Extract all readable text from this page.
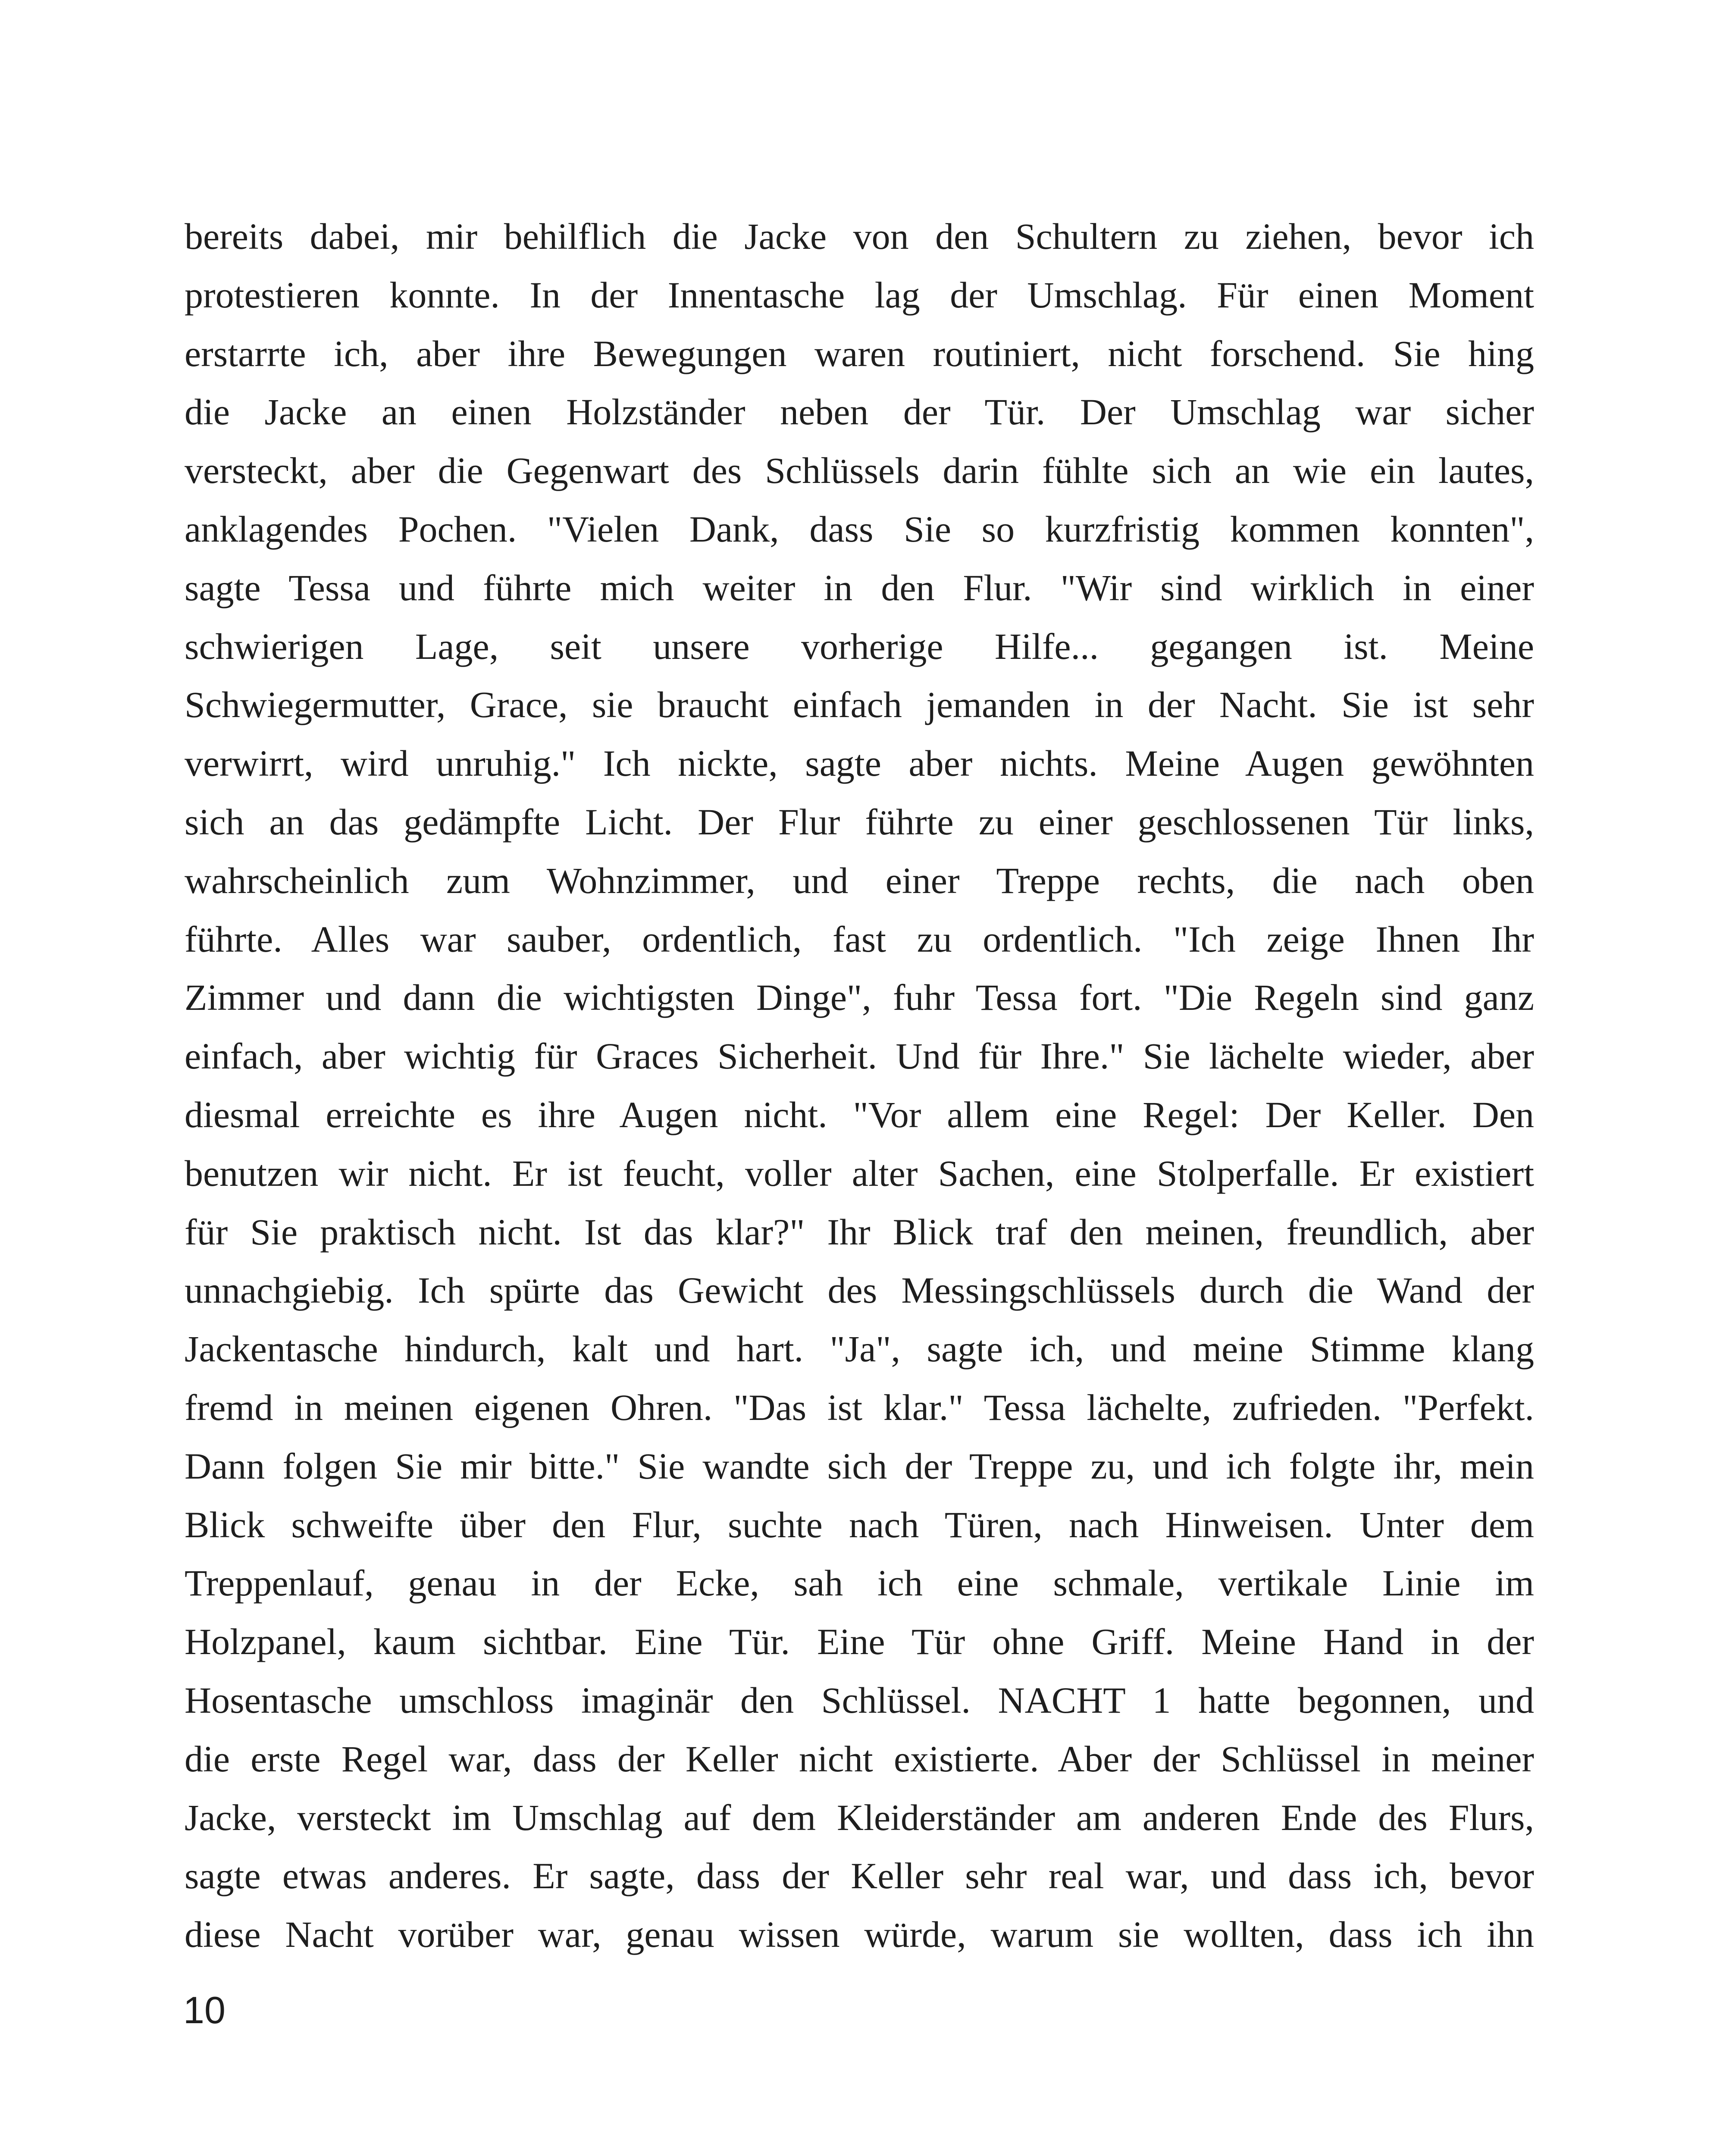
bereits dabei, mir behilflich die Jacke von den Schultern zu ziehen, bevor ich
protestieren konnte. In der Innentasche lag der Umschlag. Für einen Moment
erstarrte ich, aber ihre Bewegungen waren routiniert, nicht forschend. Sie hing
die Jacke an einen Holzständer neben der Tür. Der Umschlag war sicher
versteckt, aber die Gegenwart des Schlüssels darin fühlte sich an wie ein lautes,
anklagendes Pochen. "Vielen Dank, dass Sie so kurzfristig kommen konnten",
sagte Tessa und führte mich weiter in den Flur. "Wir sind wirklich in einer
schwierigen Lage, seit unsere vorherige Hilfe... gegangen ist. Meine
Schwiegermutter, Grace, sie braucht einfach jemanden in der Nacht. Sie ist sehr
verwirrt, wird unruhig." Ich nickte, sagte aber nichts. Meine Augen gewöhnten
sich an das gedämpfte Licht. Der Flur führte zu einer geschlossenen Tür links,
wahrscheinlich zum Wohnzimmer, und einer Treppe rechts, die nach oben
führte. Alles war sauber, ordentlich, fast zu ordentlich. "Ich zeige Ihnen Ihr
Zimmer und dann die wichtigsten Dinge", fuhr Tessa fort. "Die Regeln sind ganz
einfach, aber wichtig für Graces Sicherheit. Und für Ihre." Sie lächelte wieder, aber
diesmal erreichte es ihre Augen nicht. "Vor allem eine Regel: Der Keller. Den
benutzen wir nicht. Er ist feucht, voller alter Sachen, eine Stolperfalle. Er existiert
für Sie praktisch nicht. Ist das klar?" Ihr Blick traf den meinen, freundlich, aber
unnachgiebig. Ich spürte das Gewicht des Messingschlüssels durch die Wand der
Jackentasche hindurch, kalt und hart. "Ja", sagte ich, und meine Stimme klang
fremd in meinen eigenen Ohren. "Das ist klar." Tessa lächelte, zufrieden. "Perfekt.
Dann folgen Sie mir bitte." Sie wandte sich der Treppe zu, und ich folgte ihr, mein
Blick schweifte über den Flur, suchte nach Türen, nach Hinweisen. Unter dem
Treppenlauf, genau in der Ecke, sah ich eine schmale, vertikale Linie im
Holzpanel, kaum sichtbar. Eine Tür. Eine Tür ohne Griff. Meine Hand in der
Hosentasche umschloss imaginär den Schlüssel. NACHT 1 hatte begonnen, und
die erste Regel war, dass der Keller nicht existierte. Aber der Schlüssel in meiner
Jacke, versteckt im Umschlag auf dem Kleiderständer am anderen Ende des Flurs,
sagte etwas anderes. Er sagte, dass der Keller sehr real war, und dass ich, bevor
diese Nacht vorüber war, genau wissen würde, warum sie wollten, dass ich ihn
10
